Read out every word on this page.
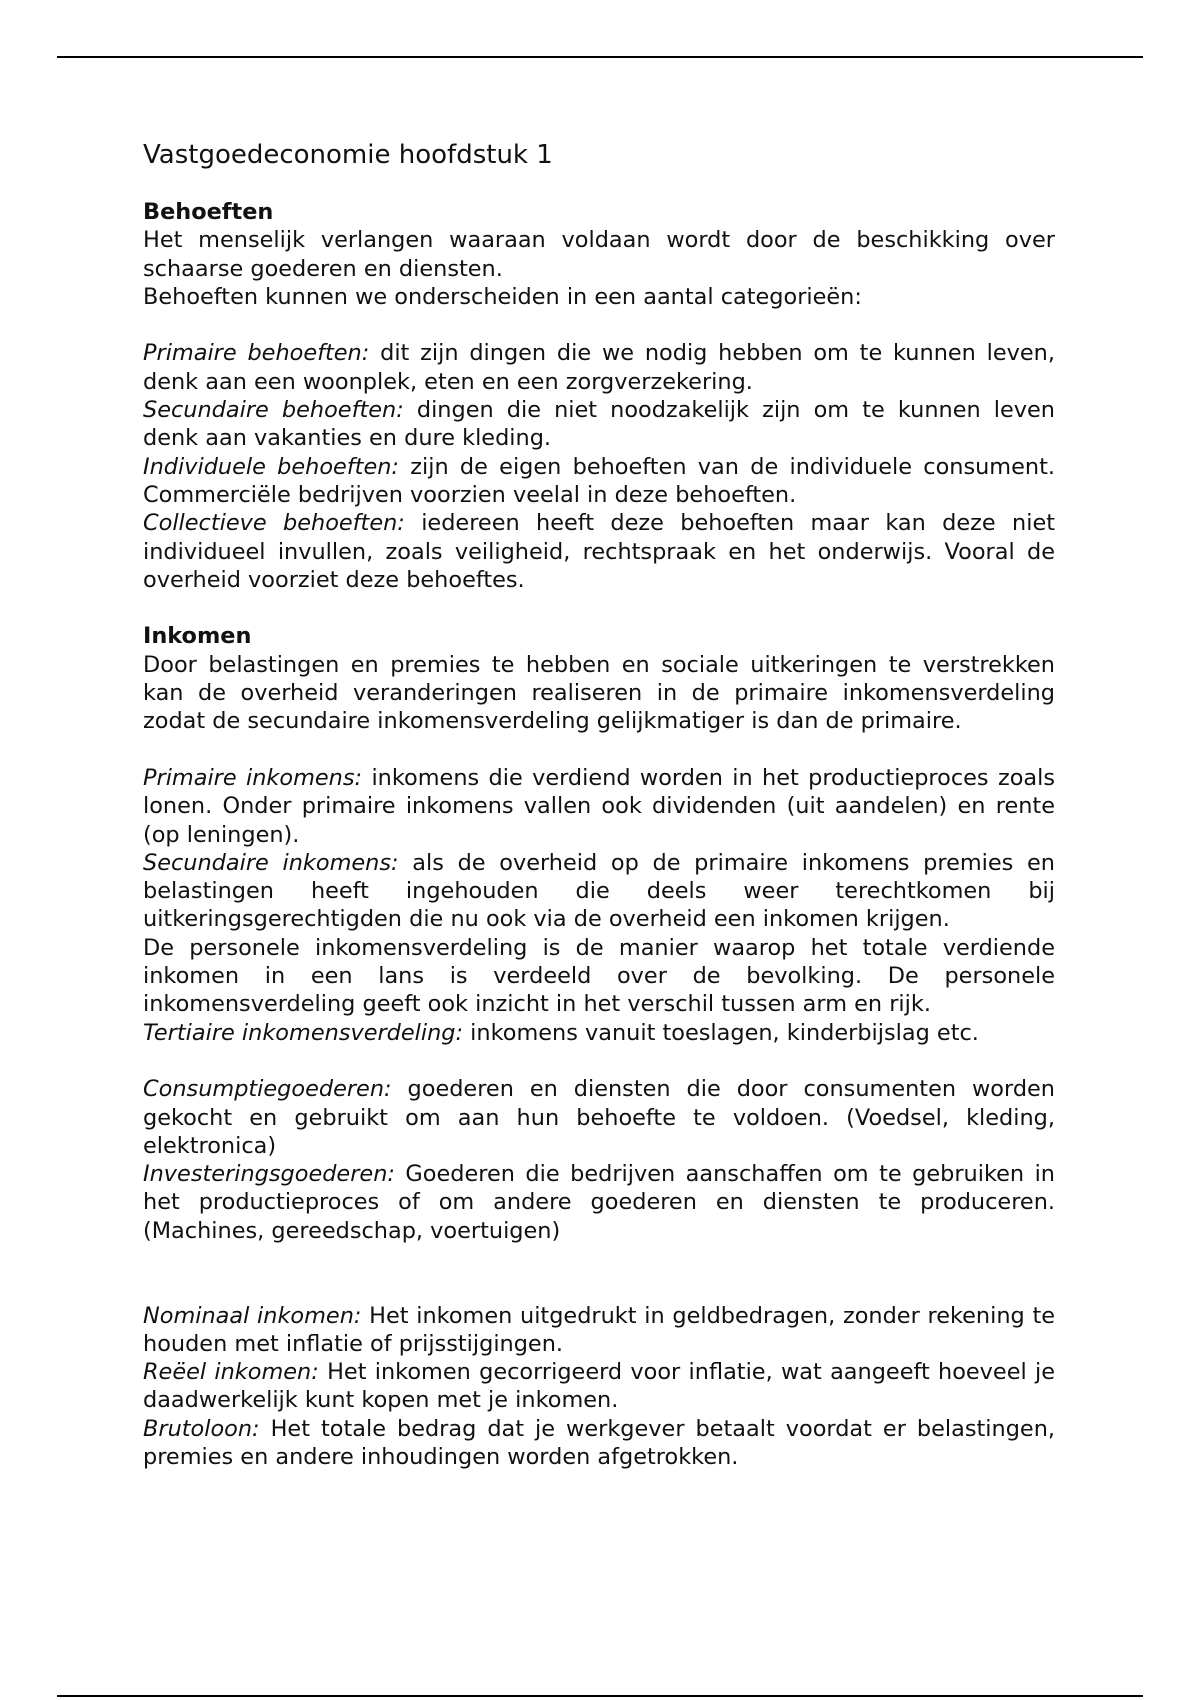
Vastgoedeconomie hoofdstuk 1
Behoeften

Het menselijk verlangen waaraan voldaan wordt door de beschikking over schaarse goederen en diensten.

Behoeften kunnen we onderscheiden in een aantal categorieën:

Primaire behoeften: dit zijn dingen die we nodig hebben om te kunnen leven, denk aan een woonplek, eten en een zorgverzekering.

Secundaire behoeften: dingen die niet noodzakelijk zijn om te kunnen leven denk aan vakanties en dure kleding.

Individuele behoeften: zijn de eigen behoeften van de individuele consument. Commerciële bedrijven voorzien veelal in deze behoeften.

Collectieve behoeften: iedereen heeft deze behoeften maar kan deze niet individueel invullen, zoals veiligheid, rechtspraak en het onderwijs. Vooral de overheid voorziet deze behoeftes.

Inkomen

Door belastingen en premies te hebben en sociale uitkeringen te verstrekken kan de overheid veranderingen realiseren in de primaire inkomensverdeling zodat de secundaire inkomensverdeling gelijkmatiger is dan de primaire.

Primaire inkomens: inkomens die verdiend worden in het productieproces zoals lonen. Onder primaire inkomens vallen ook dividenden (uit aandelen) en rente (op leningen).

Secundaire inkomens: als de overheid op de primaire inkomens premies en belastingen heeft ingehouden die deels weer terechtkomen bij uitkeringsgerechtigden die nu ook via de overheid een inkomen krijgen.

De personele inkomensverdeling is de manier waarop het totale verdiende inkomen in een lans is verdeeld over de bevolking. De personele inkomensverdeling geeft ook inzicht in het verschil tussen arm en rijk.

Tertiaire inkomensverdeling: inkomens vanuit toeslagen, kinderbijslag etc.

Consumptiegoederen: goederen en diensten die door consumenten worden gekocht en gebruikt om aan hun behoefte te voldoen. (Voedsel, kleding, elektronica)

Investeringsgoederen: Goederen die bedrijven aanschaffen om te gebruiken in het productieproces of om andere goederen en diensten te produceren. (Machines, gereedschap, voertuigen)

Nominaal inkomen: Het inkomen uitgedrukt in geldbedragen, zonder rekening te houden met inflatie of prijsstijgingen.

Reëel inkomen: Het inkomen gecorrigeerd voor inflatie, wat aangeeft hoeveel je daadwerkelijk kunt kopen met je inkomen.

Brutoloon: Het totale bedrag dat je werkgever betaalt voordat er belastingen, premies en andere inhoudingen worden afgetrokken.
